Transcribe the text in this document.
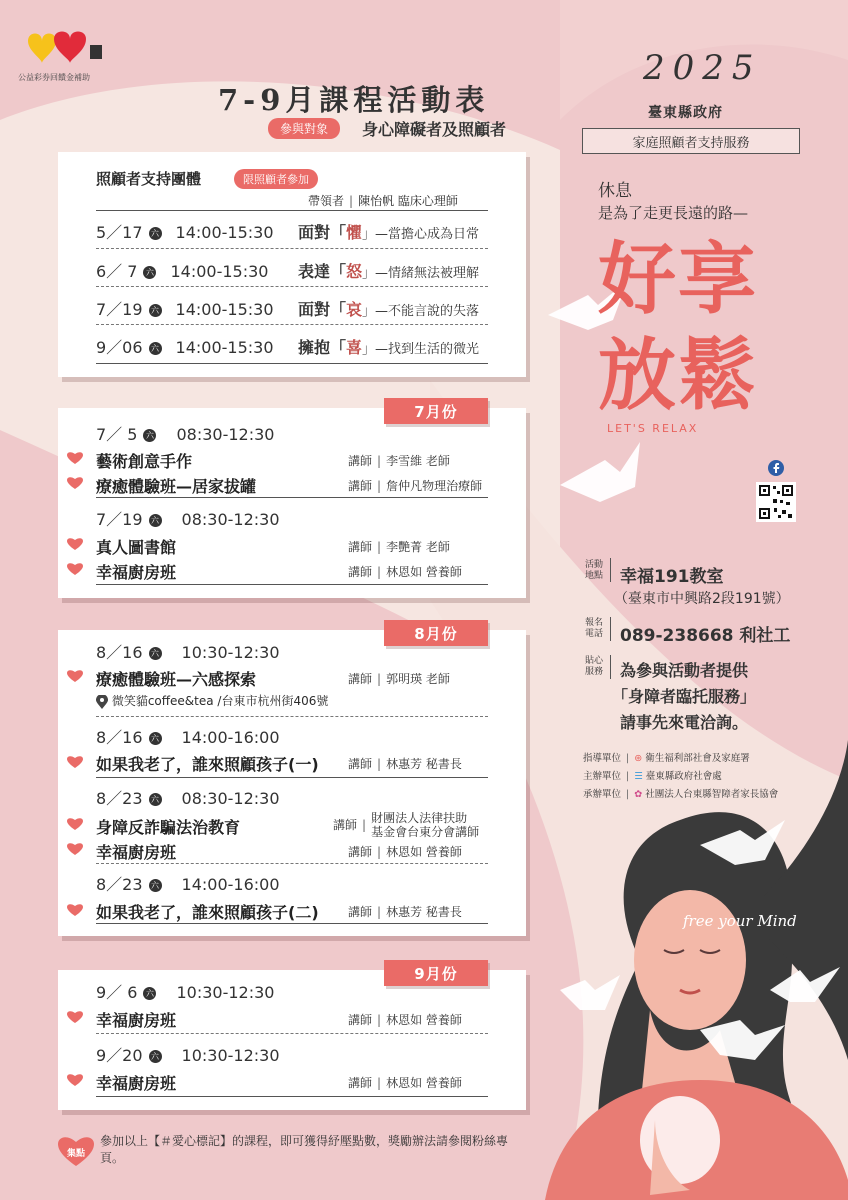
公益彩券回饋金補助
7-9月課程活動表
參與對象	身心障礙者及照顧者
照顧者支持團體	限照顧者參加
帶領者 | 陳怡帆 臨床心理師
5／17 六 14:00-15:30 面對「懼」—當擔心成為日常
6／ 7 六 14:00-15:30 表達「怒」—情緒無法被理解
7／19 六 14:00-15:30 面對「哀」—不能言說的失落
9／06 六 14:00-15:30 擁抱「喜」—找到生活的微光
7／ 5 六 08:30-12:30
藝術創意手作	講師 | 李雪維 老師
療癒體驗班—居家拔罐	講師 | 詹仲凡物理治療師
7／19 六 08:30-12:30
真人圖書館	講師 | 李艷菁 老師
幸福廚房班	講師 | 林恩如 營養師
7月份
8／16 六 10:30-12:30
療癒體驗班—六感探索	講師 | 郭明瑛 老師
微笑貓coffee&tea /台東市杭州街406號
8／16 六 14:00-16:00
如果我老了，誰來照顧孩子(一) 講師 | 林惠芳 秘書長
8／23 六 08:30-12:30
身障反詐騙法治教育	講師 | 財團法人法律扶助
基金會台東分會講師
幸福廚房班	講師 | 林恩如 營養師
8／23 六 14:00-16:00
如果我老了，誰來照顧孩子(二) 講師 | 林惠芳 秘書長
8月份
9／ 6 六 10:30-12:30
幸福廚房班	講師 | 林恩如 營養師
9／20 六 10:30-12:30
幸福廚房班	講師 | 林恩如 營養師
9月份
2025
臺東縣政府
家庭照顧者支持服務
休息
是為了走更長遠的路—
好享放鬆
LET'S RELAX
活動地點 幸福191教室
（臺東市中興路2段191號）
報名電話 089-238668 利社工
貼心服務 為參與活動者提供
「身障者臨托服務」
請事先來電洽詢。
指導單位 | ⊛ 衛生福利部社會及家庭署
主辦單位 | ☰ 臺東縣政府社會處
承辦單位 | ✿ 社團法人台東縣智障者家長協會
free your Mind
集點
參加以上【＃愛心標記】的課程，即可獲得紓壓點數，獎勵辦法請參閱粉絲專頁。
